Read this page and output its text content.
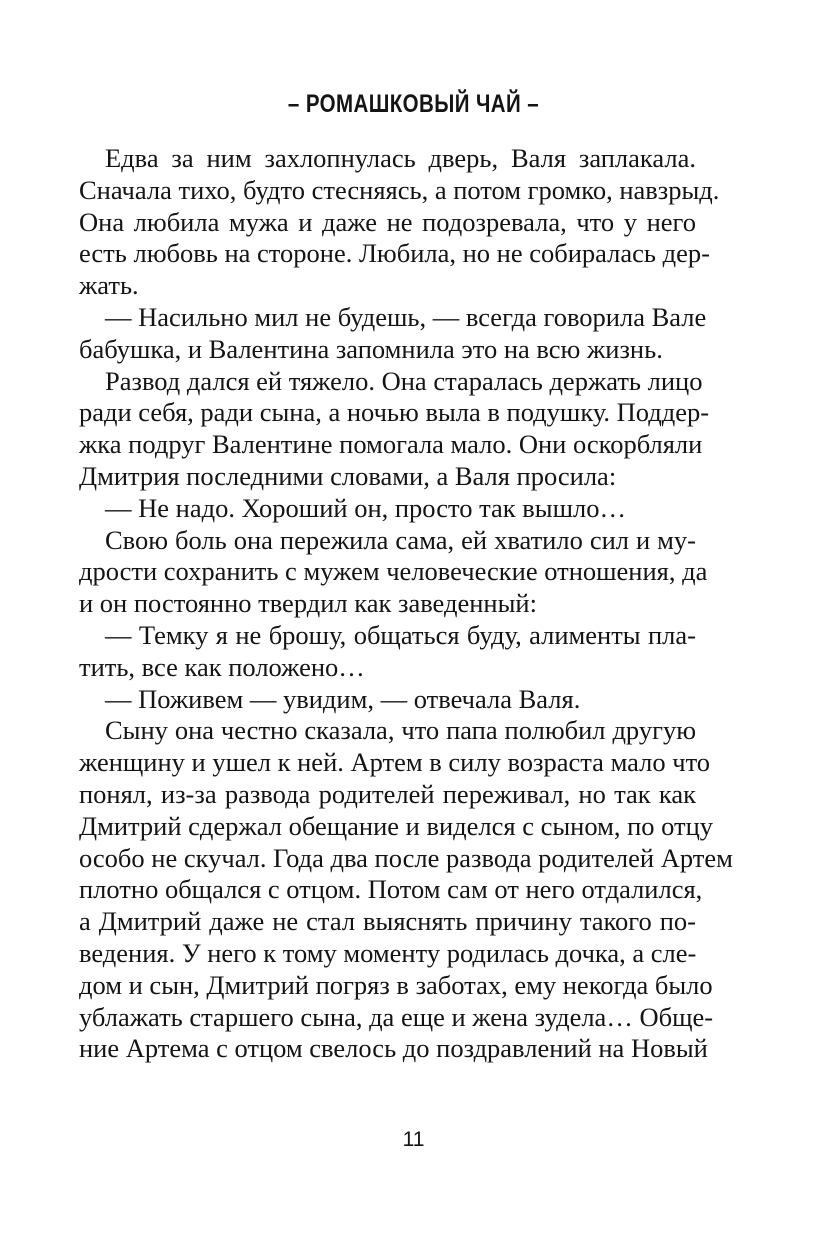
– РОМАШКОВЫЙ ЧАЙ –
Едва за ним захлопнулась дверь, Валя заплакала.
Сначала тихо, будто стесняясь, а потом громко, навзрыд.
Она любила мужа и даже не подозревала, что у него
есть любовь на стороне. Любила, но не собиралась дер-
жать.
— Насильно мил не будешь, — всегда говорила Вале
бабушка, и Валентина запомнила это на всю жизнь.
Развод дался ей тяжело. Она старалась держать лицо
ради себя, ради сына, а ночью выла в подушку. Поддер-
жка подруг Валентине помогала мало. Они оскорбляли
Дмитрия последними словами, а Валя просила:
— Не надо. Хороший он, просто так вышло…
Свою боль она пережила сама, ей хватило сил и му-
дрости сохранить с мужем человеческие отношения, да
и он постоянно твердил как заведенный:
— Темку я не брошу, общаться буду, алименты пла-
тить, все как положено…
— Поживем — увидим, — отвечала Валя.
Сыну она честно сказала, что папа полюбил другую
женщину и ушел к ней. Артем в силу возраста мало что
понял, из-за развода родителей переживал, но так как
Дмитрий сдержал обещание и виделся с сыном, по отцу
особо не скучал. Года два после развода родителей Артем
плотно общался с отцом. Потом сам от него отдалился,
а Дмитрий даже не стал выяснять причину такого по-
ведения. У него к тому моменту родилась дочка, а сле-
дом и сын, Дмитрий погряз в заботах, ему некогда было
ублажать старшего сына, да еще и жена зудела… Обще-
ние Артема с отцом свелось до поздравлений на Новый
11
